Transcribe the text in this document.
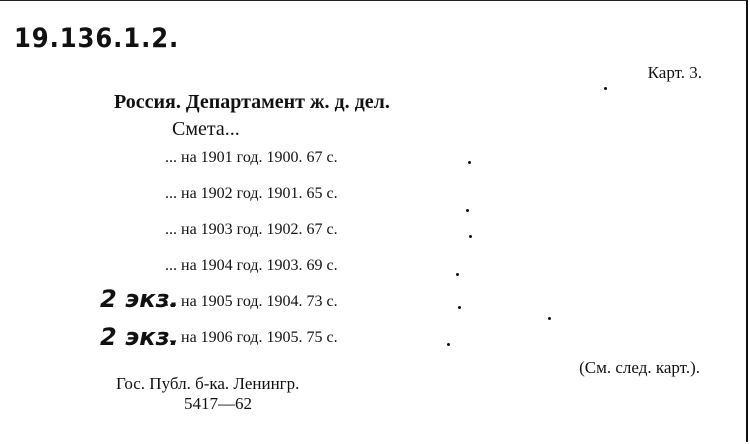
19.136.1.2.
Карт. 3.
Россия. Департамент ж. д. дел.
Смета...
... на 1901 год. 1900. 67 с.
... на 1902 год. 1901. 65 с.
... на 1903 год. 1902. 67 с.
... на 1904 год. 1903. 69 с.
... на 1905 год. 1904. 73 с.
... на 1906 год. 1905. 75 с.
2 экз.
2 экз.
(См. след. карт.).
Гос. Публ. б-ка. Ленингр.
5417—62
